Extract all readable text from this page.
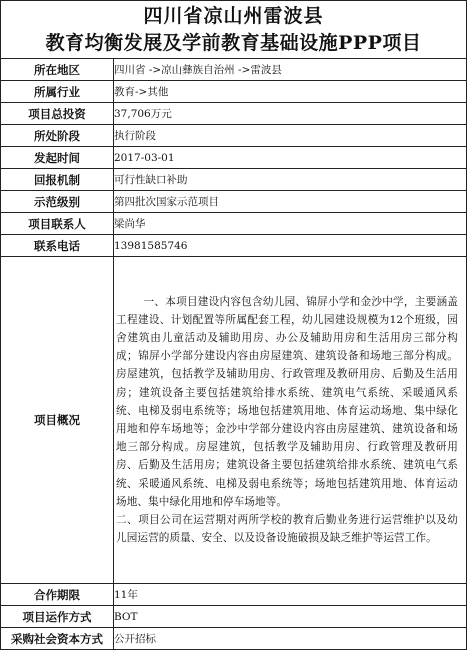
四川省凉山州雷波县
教育均衡发展及学前教育基础设施PPP项目
所在地区	四川省 ->凉山彝族自治州 ->雷波县
所属行业	教育->其他
项目总投资	37,706万元
所处阶段	执行阶段
发起时间	2017-03-01
回报机制	可行性缺口补助
示范级别	第四批次国家示范项目
项目联系人	梁尚华
联系电话	13981585746
项目概况	一、本项目建设内容包含幼儿园、锦屏小学和金沙中学，主要涵盖工程建设、计划配置等所属配套工程，幼儿园建设规模为12个班级，园舍建筑由儿童活动及辅助用房、办公及辅助用房和生活用房三部分构成；锦屏小学部分建设内容由房屋建筑、建筑设备和场地三部分构成。房屋建筑，包括教学及辅助用房、行政管理及教研用房、后勤及生活用房；建筑设备主要包括建筑给排水系统、建筑电气系统、采暖通风系统、电梯及弱电系统等；场地包括建筑用地、体育运动场地、集中绿化用地和停车场地等；金沙中学部分建设内容由房屋建筑、建筑设备和场地三部分构成。房屋建筑，包括教学及辅助用房、行政管理及教研用房、后勤及生活用房；建筑设备主要包括建筑给排水系统、建筑电气系统、采暖通风系统、电梯及弱电系统等；场地包括建筑用地、体育运动场地、集中绿化用地和停车场地等。

二、项目公司在运营期对两所学校的教育后勤业务进行运营维护以及幼儿园运营的质量、安全、以及设备设施破损及缺乏维护等运营工作。

合作期限	11年
项目运作方式	BOT
采购社会资本方式	公开招标
